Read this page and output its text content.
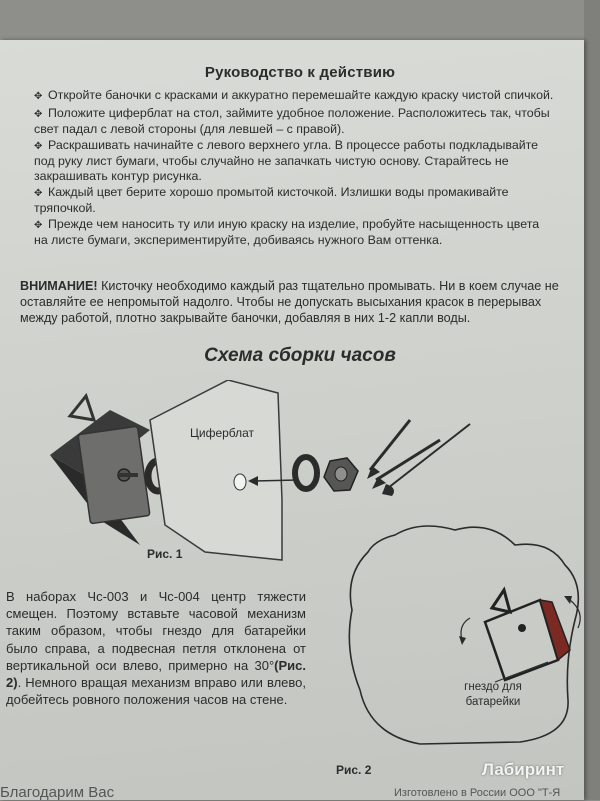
Руководство к действию
✥ Откройте баночки с красками и аккуратно перемешайте каждую краску чистой спичкой.
✥ Положите циферблат на стол, займите удобное положение. Расположитесь так, чтобы свет падал с левой стороны (для левшей – с правой).
✥ Раскрашивать начинайте с левого верхнего угла. В процессе работы подкладывайте под руку лист бумаги, чтобы случайно не запачкать чистую основу. Старайтесь не закрашивать контур рисунка.
✥ Каждый цвет берите хорошо промытой кисточкой. Излишки воды промакивайте тряпочкой.
✥ Прежде чем наносить ту или иную краску на изделие, пробуйте насыщенность цвета на листе бумаги, экспериментируйте, добиваясь нужного Вам оттенка.
ВНИМАНИЕ! Кисточку необходимо каждый раз тщательно промывать. Ни в коем случае не оставляйте ее непромытой надолго. Чтобы не допускать высыхания красок в перерывах между работой, плотно закрывайте баночки, добавляя в них 1-2 капли воды.
Схема сборки часов
Циферблат
Рис. 1
Рис. 2
гнездо для батарейки
В наборах Чс-003 и Чс-004 центр тяжести смещен. Поэтому вставьте часовой механизм таким образом, чтобы гнездо для батарейки было справа, а подвесная петля отклонена от вертикальной оси влево, примерно на 30°(Рис. 2). Немного вращая механизм вправо или влево, добейтесь ровного положения часов на стене.
Благодарим Вас	Изготовлено в России ООО "Т-Я
Лабиринт
